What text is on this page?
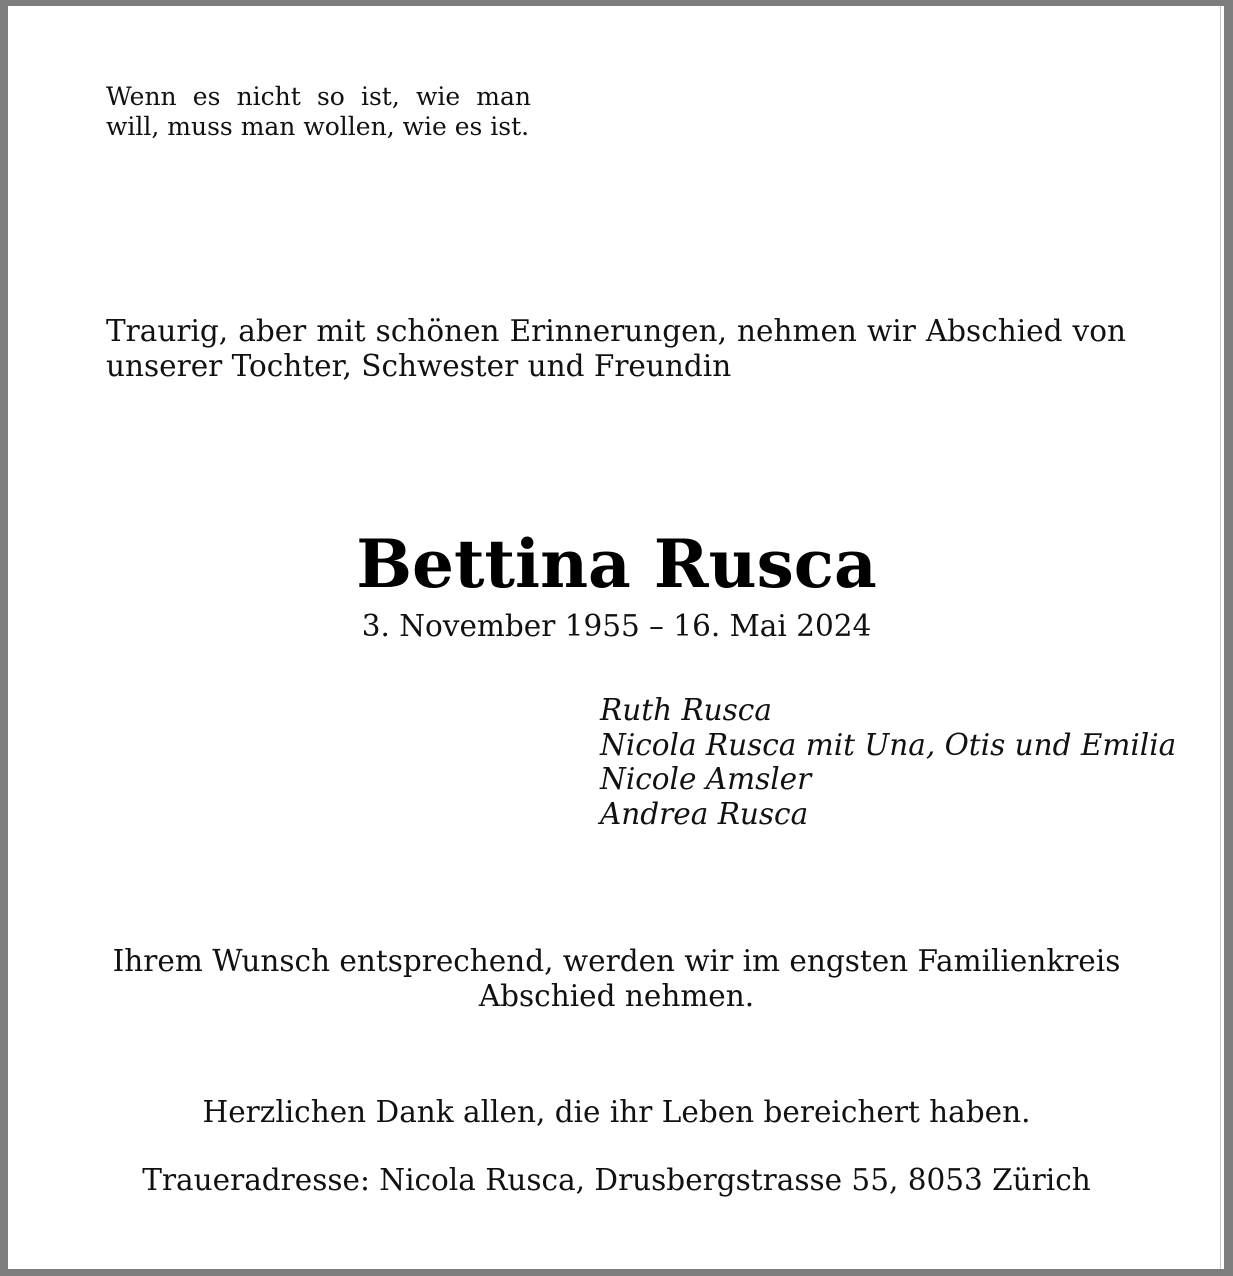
Wenn es nicht so ist, wie man will, muss man wollen, wie es ist.

Traurig, aber mit schönen Erinnerungen, nehmen wir Abschied von unserer Tochter, Schwester und Freundin

Bettina Rusca

3. November 1955 – 16. Mai 2024

Ruth Rusca
Nicola Rusca mit Una, Otis und Emilia
Nicole Amsler
Andrea Rusca

Ihrem Wunsch entsprechend, werden wir im engsten Familienkreis Abschied nehmen.

Herzlichen Dank allen, die ihr Leben bereichert haben.

Traueradresse: Nicola Rusca, Drusbergstrasse 55, 8053 Zürich
